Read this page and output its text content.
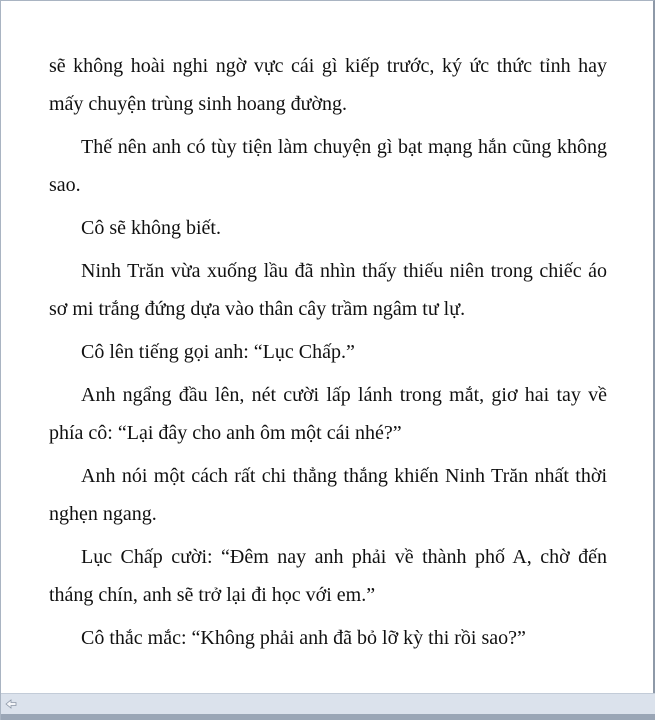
sẽ không hoài nghi ngờ vực cái gì kiếp trước, ký ức thức tỉnh hay mấy chuyện trùng sinh hoang đường.

Thế nên anh có tùy tiện làm chuyện gì bạt mạng hắn cũng không sao.

Cô sẽ không biết.

Ninh Trăn vừa xuống lầu đã nhìn thấy thiếu niên trong chiếc áo sơ mi trắng đứng dựa vào thân cây trầm ngâm tư lự.

Cô lên tiếng gọi anh: “Lục Chấp.”

Anh ngẩng đầu lên, nét cười lấp lánh trong mắt, giơ hai tay về phía cô: “Lại đây cho anh ôm một cái nhé?”

Anh nói một cách rất chi thẳng thắng khiến Ninh Trăn nhất thời nghẹn ngang.

Lục Chấp cười: “Đêm nay anh phải về thành phố A, chờ đến tháng chín, anh sẽ trở lại đi học với em.”

Cô thắc mắc: “Không phải anh đã bỏ lỡ kỳ thi rồi sao?”
